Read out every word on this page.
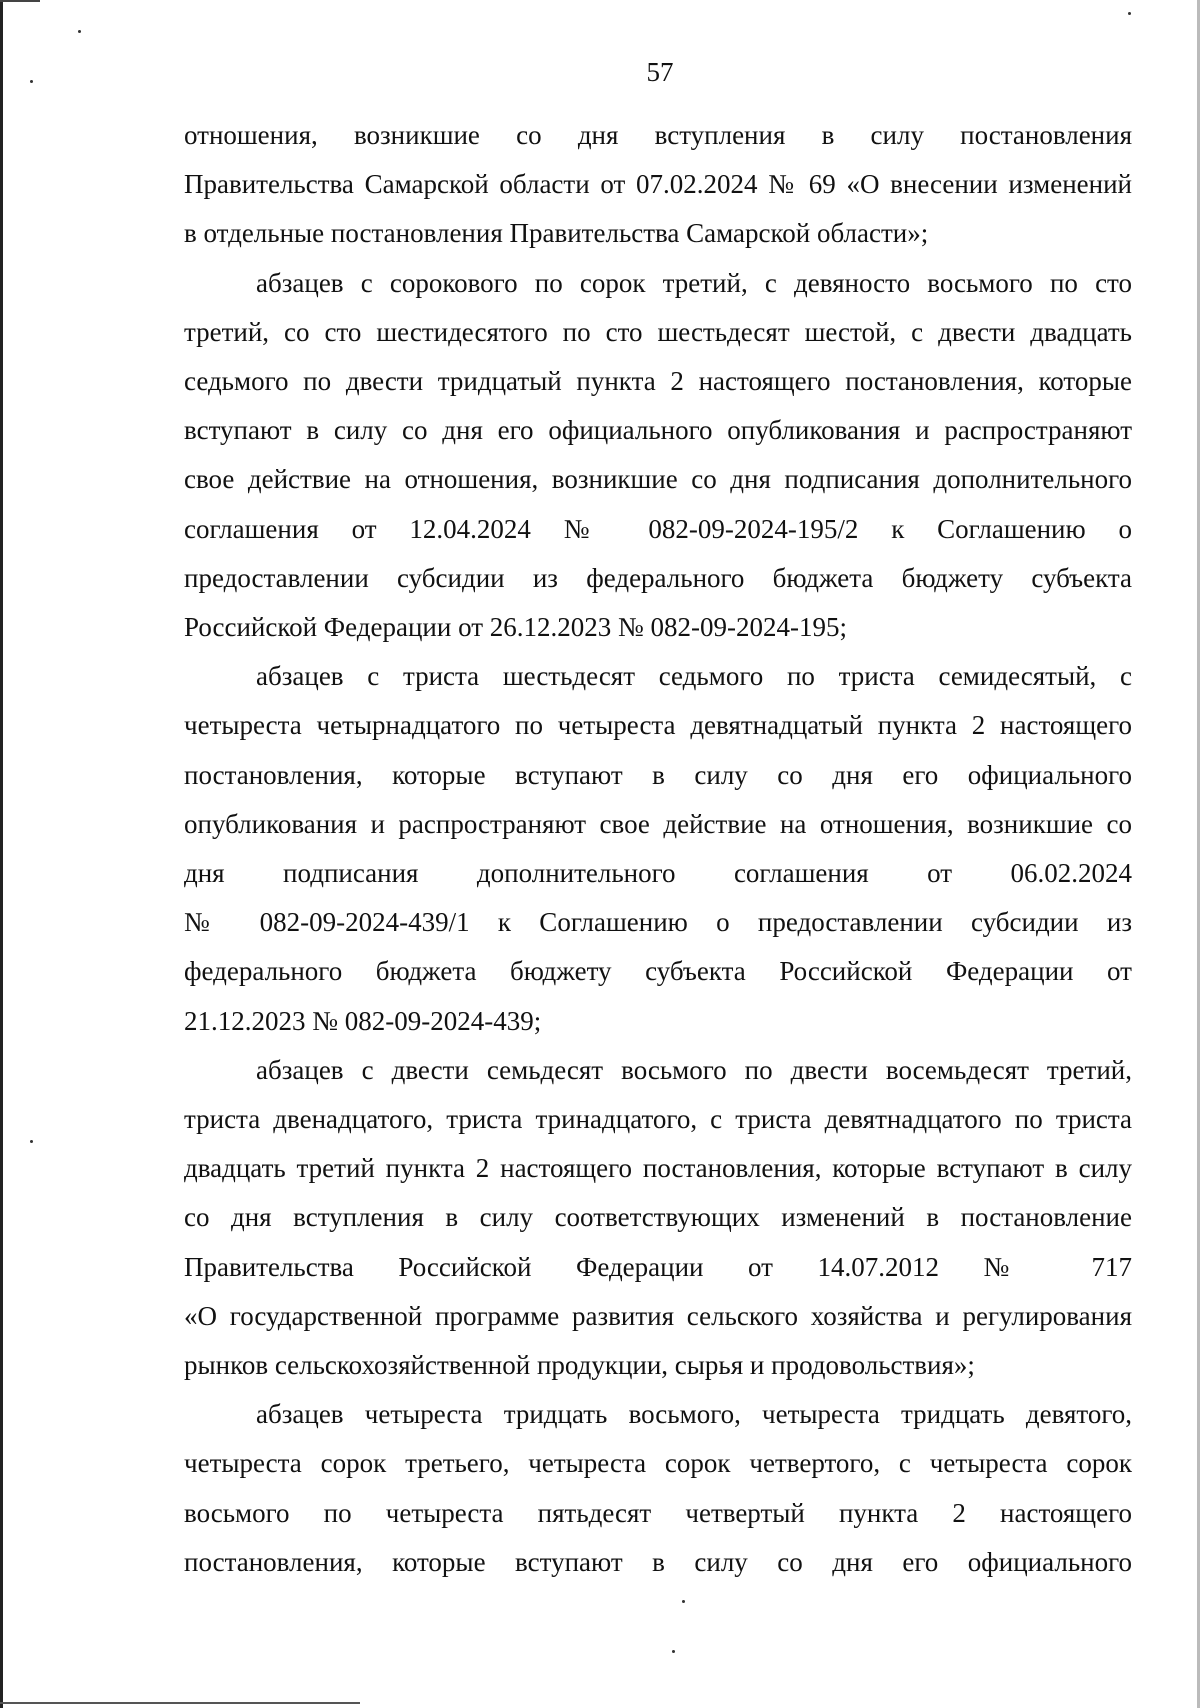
57

отношения, возникшие со дня вступления в силу постановления
Правительства Самарской области от 07.02.2024 № 69 «О внесении изменений
в отдельные постановления Правительства Самарской области»;

абзацев с сорокового по сорок третий, с девяносто восьмого по сто
третий, со сто шестидесятого по сто шестьдесят шестой, с двести двадцать
седьмого по двести тридцатый пункта 2 настоящего постановления, которые
вступают в силу со дня его официального опубликования и распространяют
свое действие на отношения, возникшие со дня подписания дополнительного
соглашения от 12.04.2024 № 082-09-2024-195/2 к Соглашению о
предоставлении субсидии из федерального бюджета бюджету субъекта
Российской Федерации от 26.12.2023 № 082-09-2024-195;

абзацев с триста шестьдесят седьмого по триста семидесятый, с
четыреста четырнадцатого по четыреста девятнадцатый пункта 2 настоящего
постановления, которые вступают в силу со дня его официального
опубликования и распространяют свое действие на отношения, возникшие со
дня подписания дополнительного соглашения от 06.02.2024
№ 082-09-2024-439/1 к Соглашению о предоставлении субсидии из
федерального бюджета бюджету субъекта Российской Федерации от
21.12.2023 № 082-09-2024-439;

абзацев с двести семьдесят восьмого по двести восемьдесят третий,
триста двенадцатого, триста тринадцатого, с триста девятнадцатого по триста
двадцать третий пункта 2 настоящего постановления, которые вступают в силу
со дня вступления в силу соответствующих изменений в постановление
Правительства Российской Федерации от 14.07.2012 № 717
«О государственной программе развития сельского хозяйства и регулирования
рынков сельскохозяйственной продукции, сырья и продовольствия»;

абзацев четыреста тридцать восьмого, четыреста тридцать девятого,
четыреста сорок третьего, четыреста сорок четвертого, с четыреста сорок
восьмого по четыреста пятьдесят четвертый пункта 2 настоящего
постановления, которые вступают в силу со дня его официального
